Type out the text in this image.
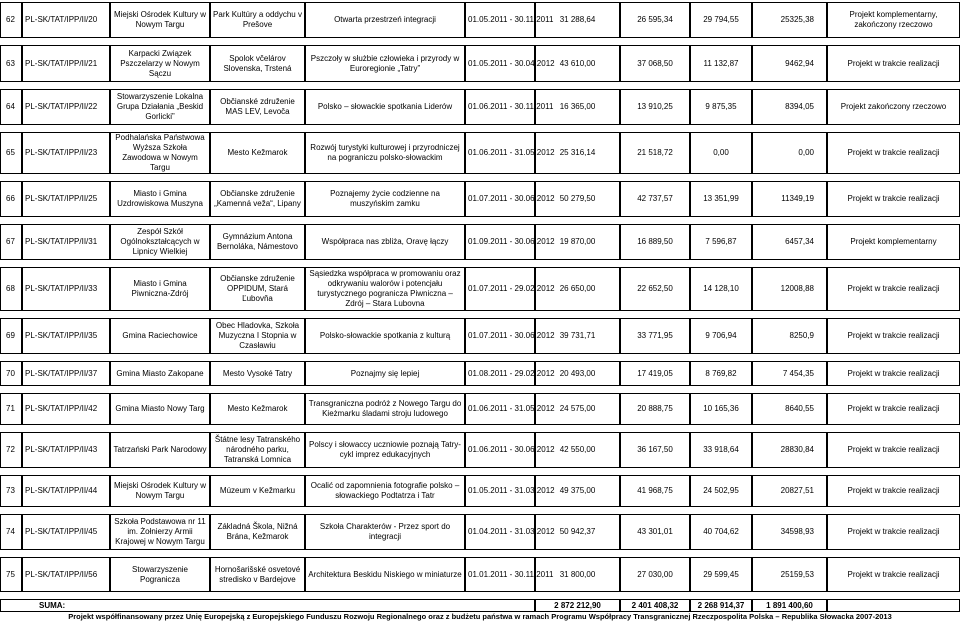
62	PL-SK/TAT/IPP/II/20	Miejski Ośrodek Kultury w Nowym Targu	Park Kultúry a oddychu v Prešove	Otwarta przestrzeń integracji	01.05.2011 - 30.11.2011	31 288,64	26 595,34	29 794,55	25325,38	Projekt komplementarny, zakończony rzeczowo

63	PL-SK/TAT/IPP/II/21	Karpacki Związek Pszczelarzy w Nowym Sączu	Spolok včelárov Slovenska, Trstená	Pszczoły w służbie człowieka i przyrody w Euroregionie „Tatry”	01.05.2011 - 30.04.2012	43 610,00	37 068,50	11 132,87	9462,94	Projekt w trakcie realizacji

64	PL-SK/TAT/IPP/II/22	Stowarzyszenie Lokalna Grupa Działania „Beskid Gorlicki”	Občianské združenie MAS LEV, Levoča	Polsko – słowackie spotkania Liderów	01.06.2011 - 30.11.2011	16 365,00	13 910,25	9 875,35	8394,05	Projekt zakończony rzeczowo

65	PL-SK/TAT/IPP/II/23	Podhalańska Państwowa Wyższa Szkoła Zawodowa w Nowym Targu	Mesto Kežmarok	Rozwój turystyki kulturowej i przyrodniczej na pograniczu polsko-słowackim	01.06.2011 - 31.05.2012	25 316,14	21 518,72	0,00	0,00	Projekt w trakcie realizacji

66	PL-SK/TAT/IPP/II/25	Miasto i Gmina Uzdrowiskowa Muszyna	Občianske združenie „Kamenná veža“, Lipany	Poznajemy życie codzienne na muszyńskim zamku	01.07.2011 - 30.06.2012	50 279,50	42 737,57	13 351,99	11349,19	Projekt w trakcie realizacji

67	PL-SK/TAT/IPP/II/31	Zespół Szkół Ogólnokształcących w Lipnicy Wielkiej	Gymnázium Antona Bernoláka, Námestovo	Współpraca nas zbliża, Oravę łączy	01.09.2011 - 30.06.2012	19 870,00	16 889,50	7 596,87	6457,34	Projekt komplementarny

68	PL-SK/TAT/IPP/II/33	Miasto i Gmina Piwniczna-Zdrój	Občianske združenie OPPIDUM, Stará Ľubovňa	Sąsiedzka współpraca w promowaniu oraz odkrywaniu walorów i potencjału turystycznego pogranicza Piwniczna – Zdrój – Stara Lubovna	01.07.2011 - 29.02.2012	26 650,00	22 652,50	14 128,10	12008,88	Projekt w trakcie realizacji

69	PL-SK/TAT/IPP/II/35	Gmina Raciechowice	Obec Hladovka, Szkoła Muzyczna I Stopnia w Czasławiu	Polsko-słowackie spotkania z kulturą	01.07.2011 - 30.06.2012	39 731,71	33 771,95	9 706,94	8250,9	Projekt w trakcie realizacji

70	PL-SK/TAT/IPP/II/37	Gmina Miasto Zakopane	Mesto Vysoké Tatry	Poznajmy się lepiej	01.08.2011 - 29.02.2012	20 493,00	17 419,05	8 769,82	7 454,35	Projekt w trakcie realizacji

71	PL-SK/TAT/IPP/II/42	Gmina Miasto Nowy Targ	Mesto Kežmarok	Transgraniczna podróż z Nowego Targu do Kieżmarku śladami stroju ludowego	01.06.2011 - 31.05.2012	24 575,00	20 888,75	10 165,36	8640,55	Projekt w trakcie realizacji

72	PL-SK/TAT/IPP/II/43	Tatrzański Park Narodowy	Štátne lesy Tatranského národného parku, Tatranská Lomnica	Polscy i słowaccy uczniowie poznają Tatry-cykl imprez edukacyjnych	01.06.2011 - 30.06.2012	42 550,00	36 167,50	33 918,64	28830,84	Projekt w trakcie realizacji

73	PL-SK/TAT/IPP/II/44	Miejski Ośrodek Kultury w Nowym Targu	Múzeum v Kežmarku	Ocalić od zapomnienia fotografie polsko – słowackiego Podtatrza i Tatr	01.05.2011 - 31.03.2012	49 375,00	41 968,75	24 502,95	20827,51	Projekt w trakcie realizacji

74	PL-SK/TAT/IPP/II/45	Szkoła Podstawowa nr 11 im. Żołnierzy Armii Krajowej w Nowym Targu	Základná Škola, Nižná Brána, Kežmarok	Szkoła Charakterów - Przez sport do integracji	01.04.2011 - 31.03.2012	50 942,37	43 301,01	40 704,62	34598,93	Projekt w trakcie realizacji

75	PL-SK/TAT/IPP/II/56	Stowarzyszenie Pogranicza	Hornošarišské osvetové stredisko v Bardejove	Architektura Beskidu Niskiego w miniaturze	01.01.2011 - 30.11.2011	31 800,00	27 030,00	29 599,45	25159,53	Projekt w trakcie realizacji

SUMA:						2 872 212,90	2 401 408,32	2 268 914,37	1 891 400,60	
Projekt współfinansowany przez Unię Europejską z Europejskiego Funduszu Rozwoju Regionalnego oraz z budżetu państwa w ramach Programu Współpracy Transgranicznej Rzeczpospolita Polska – Republika Słowacka 2007-2013
